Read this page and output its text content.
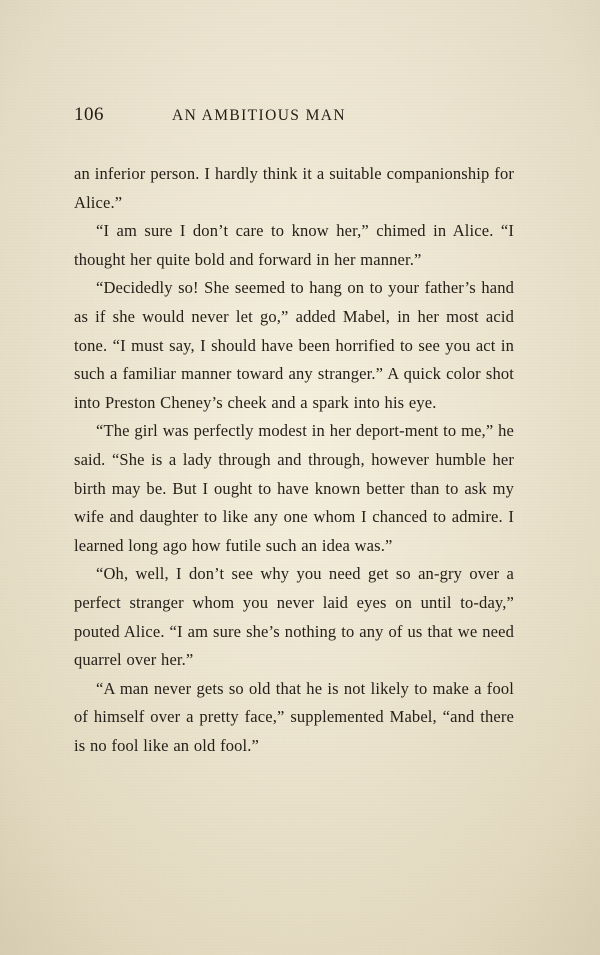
106	AN AMBITIOUS MAN

an inferior person. I hardly think it a suitable companionship for Alice.”

“I am sure I don’t care to know her,” chimed in Alice. “I thought her quite bold and forward in her manner.”

“Decidedly so! She seemed to hang on to your father’s hand as if she would never let go,” added Mabel, in her most acid tone. “I must say, I should have been horrified to see you act in such a familiar manner toward any stranger.” A quick color shot into Preston Cheney’s cheek and a spark into his eye.

“The girl was perfectly modest in her deport-ment to me,” he said. “She is a lady through and through, however humble her birth may be. But I ought to have known better than to ask my wife and daughter to like any one whom I chanced to admire. I learned long ago how futile such an idea was.”

“Oh, well, I don’t see why you need get so an-gry over a perfect stranger whom you never laid eyes on until to-day,” pouted Alice. “I am sure she’s nothing to any of us that we need quarrel over her.”

“A man never gets so old that he is not likely to make a fool of himself over a pretty face,” supplemented Mabel, “and there is no fool like an old fool.”
